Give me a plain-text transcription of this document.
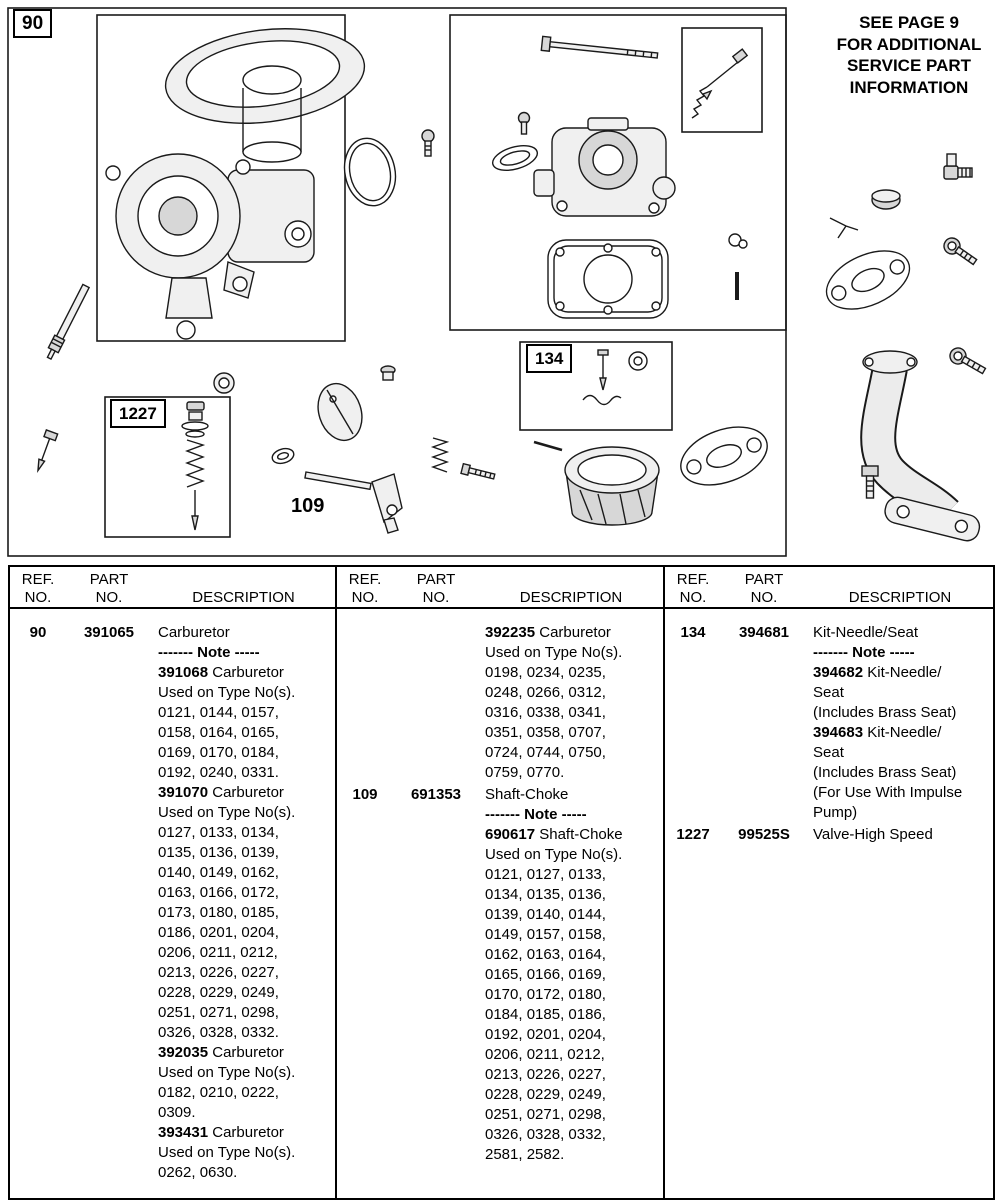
90
1227
134
109
SEE PAGE 9
FOR ADDITIONAL
SERVICE PART
INFORMATION
REF.
NO.
PART
NO.	DESCRIPTION
90	391065	Carburetor
------- Note -----
391068 Carburetor
Used on Type No(s).
0121, 0144, 0157,
0158, 0164, 0165,
0169, 0170, 0184,
0192, 0240, 0331.
391070 Carburetor
Used on Type No(s).
0127, 0133, 0134,
0135, 0136, 0139,
0140, 0149, 0162,
0163, 0166, 0172,
0173, 0180, 0185,
0186, 0201, 0204,
0206, 0211, 0212,
0213, 0226, 0227,
0228, 0229, 0249,
0251, 0271, 0298,
0326, 0328, 0332.
392035 Carburetor
Used on Type No(s).
0182, 0210, 0222,
0309.
393431 Carburetor
Used on Type No(s).
0262, 0630.
REF.
NO.
PART
NO.	DESCRIPTION
392235 Carburetor
Used on Type No(s).
0198, 0234, 0235,
0248, 0266, 0312,
0316, 0338, 0341,
0351, 0358, 0707,
0724, 0744, 0750,
0759, 0770.
109	691353	Shaft-Choke
------- Note -----
690617 Shaft-Choke
Used on Type No(s).
0121, 0127, 0133,
0134, 0135, 0136,
0139, 0140, 0144,
0149, 0157, 0158,
0162, 0163, 0164,
0165, 0166, 0169,
0170, 0172, 0180,
0184, 0185, 0186,
0192, 0201, 0204,
0206, 0211, 0212,
0213, 0226, 0227,
0228, 0229, 0249,
0251, 0271, 0298,
0326, 0328, 0332,
2581, 2582.
REF.
NO.
PART
NO.	DESCRIPTION
134	394681	Kit-Needle/Seat
------- Note -----
394682 Kit-Needle/
Seat
(Includes Brass Seat)
394683 Kit-Needle/
Seat
(Includes Brass Seat)
(For Use With Impulse
Pump)
1227	99525S	Valve-High Speed
